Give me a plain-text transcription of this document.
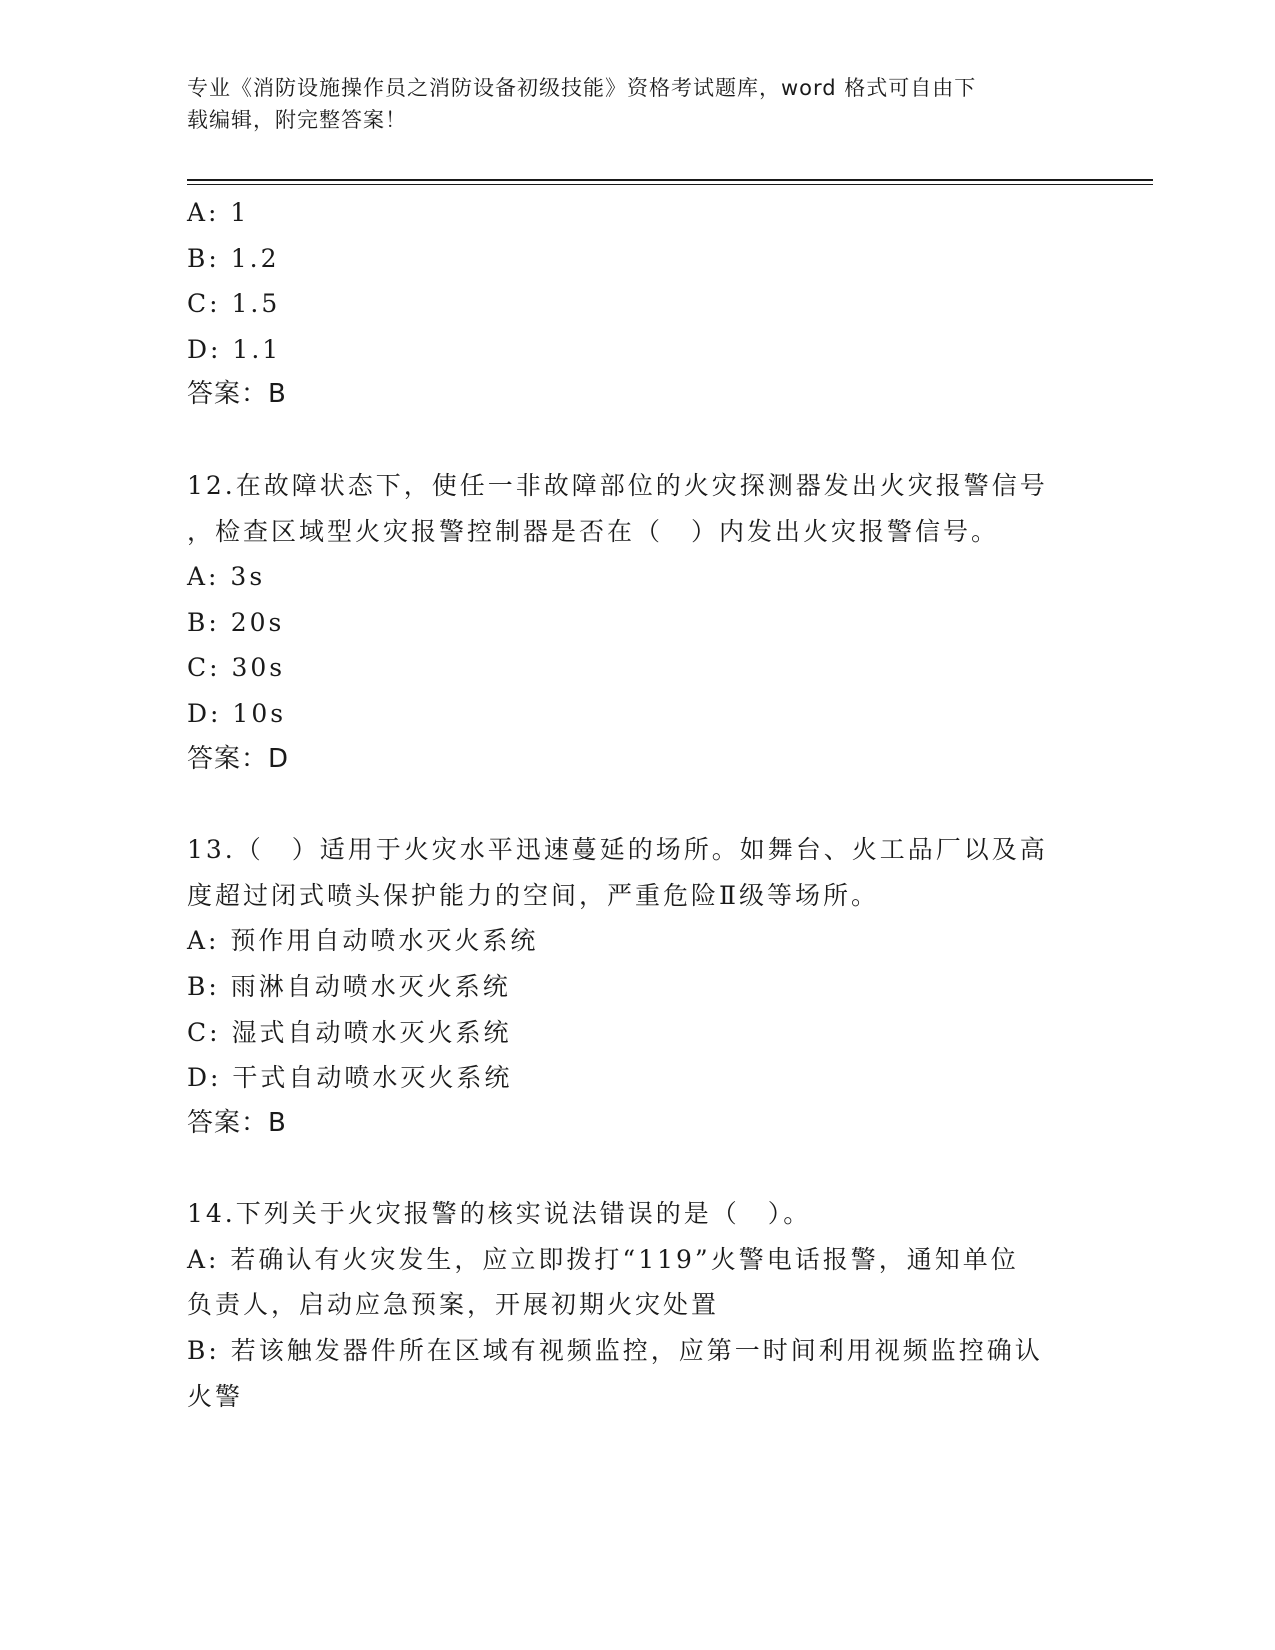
专业《消防设施操作员之消防设备初级技能》资格考试题库，word 格式可自由下
载编辑，附完整答案！
A: 1
B: 1.2
C: 1.5
D: 1.1
答案：B
12.在故障状态下，使任一非故障部位的火灾探测器发出火灾报警信号
，检查区域型火灾报警控制器是否在（　）内发出火灾报警信号。
A: 3s
B: 20s
C: 30s
D: 10s
答案：D
13.（　）适用于火灾水平迅速蔓延的场所。如舞台、火工品厂以及高
度超过闭式喷头保护能力的空间，严重危险Ⅱ级等场所。
A: 预作用自动喷水灭火系统
B: 雨淋自动喷水灭火系统
C: 湿式自动喷水灭火系统
D: 干式自动喷水灭火系统
答案：B
14.下列关于火灾报警的核实说法错误的是（　）。
A: 若确认有火灾发生，应立即拨打“119”火警电话报警，通知单位
负责人，启动应急预案，开展初期火灾处置
B: 若该触发器件所在区域有视频监控，应第一时间利用视频监控确认
火警
